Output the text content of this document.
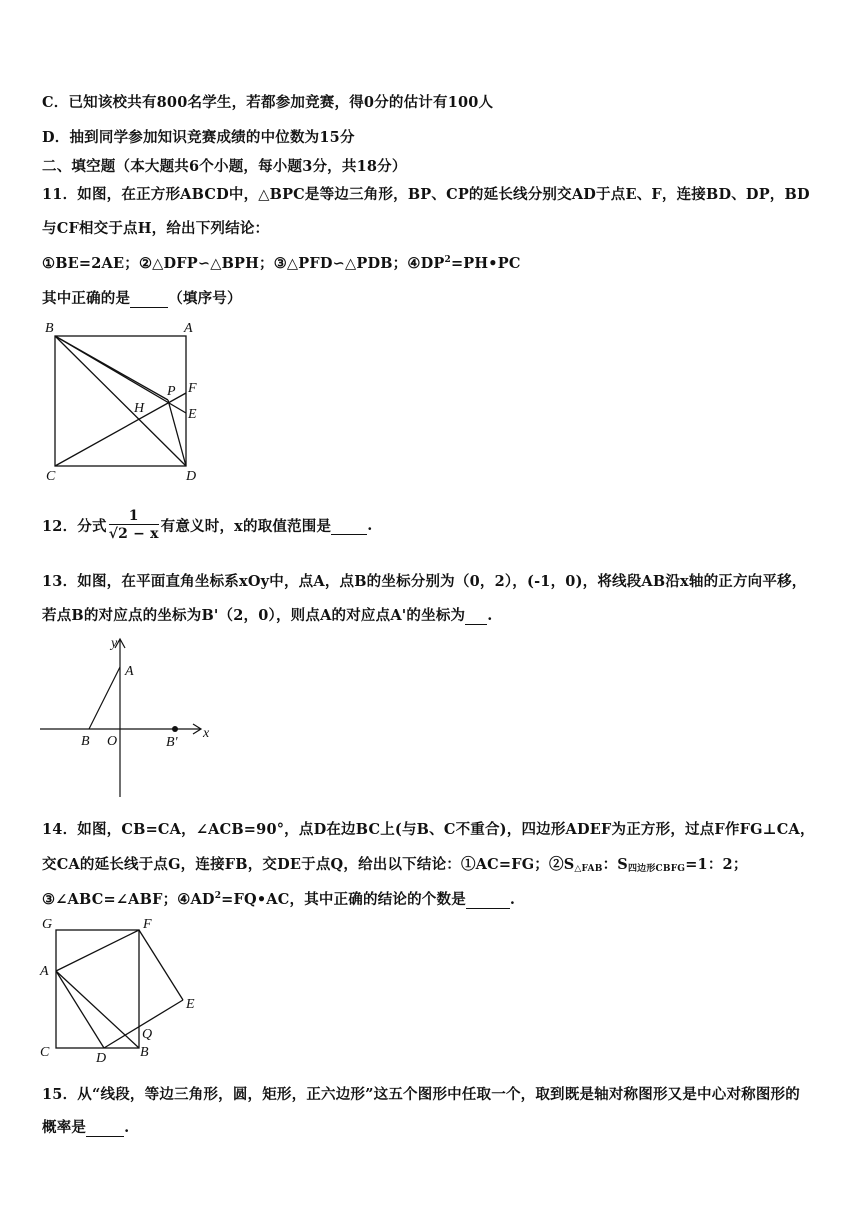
C．已知该校共有800名学生，若都参加竞赛，得0分的估计有100人
D．抽到同学参加知识竞赛成绩的中位数为15分
二、填空题（本大题共6个小题，每小题3分，共18分）
11．如图，在正方形ABCD中，△BPC是等边三角形，BP、CP的延长线分别交AD于点E、F，连接BD、DP，BD
与CF相交于点H，给出下列结论：
①BE=2AE；②△DFP∽△BPH；③△PFD∽△PDB；$④DP^2=PH•PC$
其中正确的是	（填序号）
B	A
C	D
P F
E
H
12．分式 $\frac{1}{√2 - x}$ 有意义时，x的取值范围是 .
13．如图，在平面直角坐标系xOy中，点A，点B的坐标分别为（0，2），(-1，0)，将线段AB沿x轴的正方向平移，
若点B的对应点的坐标为B'（2，0），则点A的对应点A'的坐标为 .
y
x
A
B O	B'
14．如图，CB=CA，∠ACB=90°，点D在边BC上(与B、C不重合)，四边形ADEF为正方形，过点F作FG⊥CA，
交CA的延长线于点G，连接FB，交DE于点Q，给出以下结论：①AC=FG；$②S_{\triangle FAB}$：$S_{四边形CBFG}=1$：2；
③∠ABC=∠ABF；$④AD^2=FQ•AC$，其中正确的结论的个数是	.
G	F
A
E
Q
C	D B
15．从“线段，等边三角形，圆，矩形，正六边形”这五个图形中任取一个，取到既是轴对称图形又是中心对称图形的
概率是	.
